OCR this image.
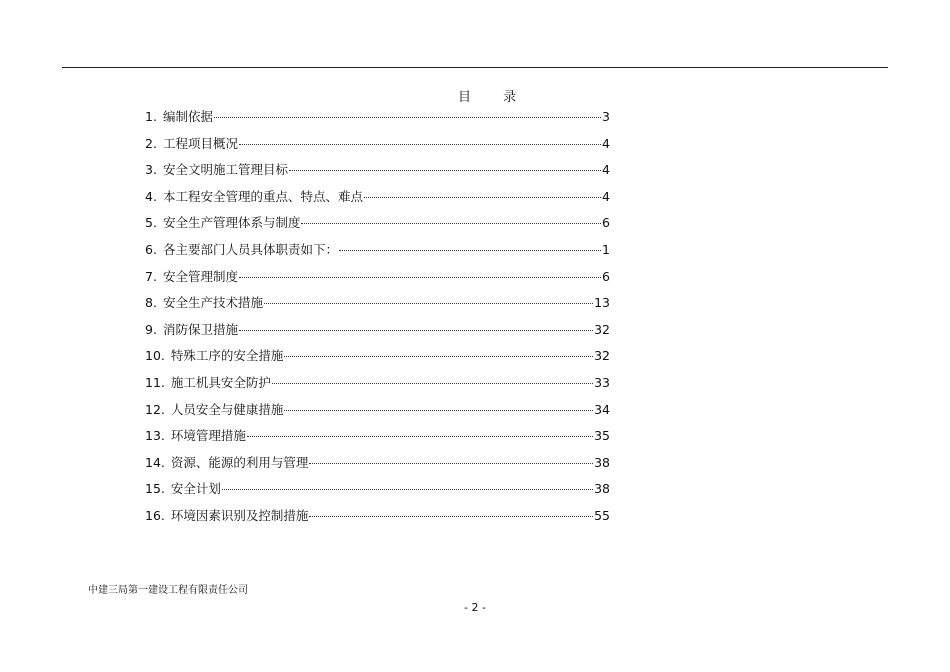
目 录
1. 编制依据	3
2. 工程项目概况	4
3. 安全文明施工管理目标	4
4. 本工程安全管理的重点、特点、难点	4
5. 安全生产管理体系与制度	6
6. 各主要部门人员具体职责如下：	1
7. 安全管理制度	6
8. 安全生产技术措施	13
9. 消防保卫措施	32
10. 特殊工序的安全措施	32
11. 施工机具安全防护	33
12. 人员安全与健康措施	34
13. 环境管理措施	35
14. 资源、能源的利用与管理	38
15. 安全计划	38
16. 环境因素识别及控制措施	55
中建三局第一建设工程有限责任公司
- 2 -
